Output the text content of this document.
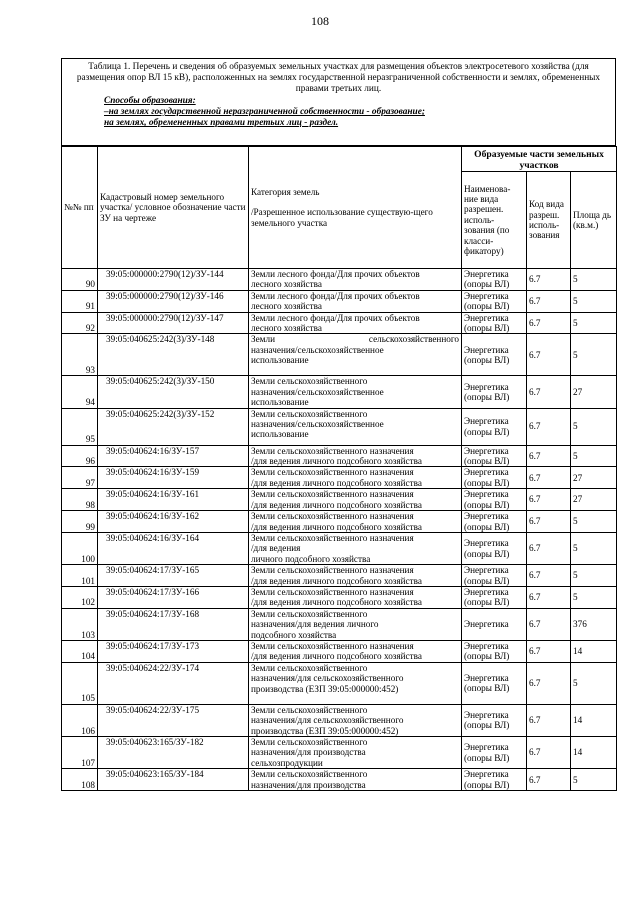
108
Таблица 1. Перечень и сведения об образуемых земельных участках для размещения объектов электросетевого хозяйства (для размещения опор ВЛ 15 кВ), расположенных на землях государственной неразграниченной собственности и землях, обремененных правами третьих лиц.
Способы образования:
–на землях государственной неразграниченной собственности - образование;
на землях, обремененных правами третьих лиц - раздел.
№№ пп	Кадастровый номер земельного участка/ условное обозначение части ЗУ на чертеже	Категория земель
/Разрешенное использование существую-щего земельного участка	Образуемые части земельных участков		
			Наименова-ние вида разрешен. исполь-зования (по класси-фикатору)	Код вида разреш. исполь-зования	Площа дь (кв.м.)
90	39:05:000000:2790(12)/ЗУ-144	Земли лесного фонда/Для прочих объектов
лесного хозяйства	Энергетика (опоры ВЛ)	6.7	5
91	39:05:000000:2790(12)/ЗУ-146	Земли лесного фонда/Для прочих объектов
лесного хозяйства	Энергетика (опоры ВЛ)	6.7	5
92	39:05:000000:2790(12)/ЗУ-147	Земли лесного фонда/Для прочих объектов
лесного хозяйства	Энергетика (опоры ВЛ)	6.7	5
93	39:05:040625:242(3)/ЗУ-148	Земли сельскохозяйственного
назначения/сельскохозяйственное
использование	Энергетика (опоры ВЛ)	6.7	5
94	39:05:040625:242(3)/ЗУ-150	Земли сельскохозяйственного
назначения/сельскохозяйственное
использование	Энергетика (опоры ВЛ)	6.7	27
95	39:05:040625:242(3)/ЗУ-152	Земли сельскохозяйственного
назначения/сельскохозяйственное
использование	Энергетика (опоры ВЛ)	6.7	5
96	39:05:040624:16/ЗУ-157	Земли сельскохозяйственного назначения
/для ведения личного подсобного хозяйства	Энергетика (опоры ВЛ)	6.7	5
97	39:05:040624:16/ЗУ-159	Земли сельскохозяйственного назначения
/для ведения личного подсобного хозяйства	Энергетика (опоры ВЛ)	6.7	27
98	39:05:040624:16/ЗУ-161	Земли сельскохозяйственного назначения
/для ведения личного подсобного хозяйства	Энергетика (опоры ВЛ)	6.7	27
99	39:05:040624:16/ЗУ-162	Земли сельскохозяйственного назначения
/для ведения личного подсобного хозяйства	Энергетика (опоры ВЛ)	6.7	5
100	39:05:040624:16/ЗУ-164	Земли сельскохозяйственного назначения
/для ведения
личного подсобного хозяйства	Энергетика (опоры ВЛ)	6.7	5
101	39:05:040624:17/ЗУ-165	Земли сельскохозяйственного назначения
/для ведения личного подсобного хозяйства	Энергетика (опоры ВЛ)	6.7	5
102	39:05:040624:17/ЗУ-166	Земли сельскохозяйственного назначения
/для ведения личного подсобного хозяйства	Энергетика (опоры ВЛ)	6.7	5
103	39:05:040624:17/ЗУ-168	Земли сельскохозяйственного
назначения/для ведения личного
подсобного хозяйства	Энергетика	6.7	376
104	39:05:040624:17/ЗУ-173	Земли сельскохозяйственного назначения
/для ведения личного подсобного хозяйства	Энергетика (опоры ВЛ)	6.7	14
105	39:05:040624:22/ЗУ-174	Земли сельскохозяйственного
назначения/для сельскохозяйственного
производства (ЕЗП 39:05:000000:452)	Энергетика (опоры ВЛ)	6.7	5
106	39:05:040624:22/ЗУ-175	Земли сельскохозяйственного
назначения/для сельскохозяйственного
производства (ЕЗП 39:05:000000:452)	Энергетика (опоры ВЛ)	6.7	14
107	39:05:040623:165/ЗУ-182	Земли сельскохозяйственного
назначения/для производства
сельхозпродукции	Энергетика (опоры ВЛ)	6.7	14
108	39:05:040623:165/ЗУ-184	Земли сельскохозяйственного
назначения/для производства	Энергетика (опоры ВЛ)	6.7	5
